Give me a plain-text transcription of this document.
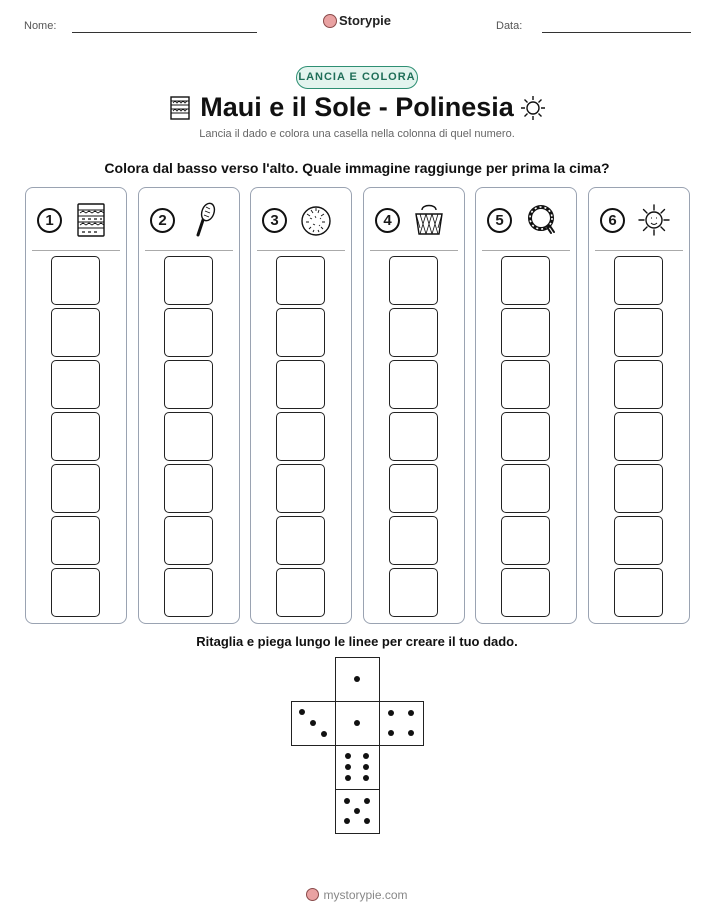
Nome:	Storypie	Data:
LANCIA E COLORA
Maui e il Sole - Polinesia
Lancia il dado e colora una casella nella colonna di quel numero.
Colora dal basso verso l'alto. Quale immagine raggiunge per prima la cima?
1	2	3	4	5	6
Ritaglia e piega lungo le linee per creare il tuo dado.
mystorypie.com
